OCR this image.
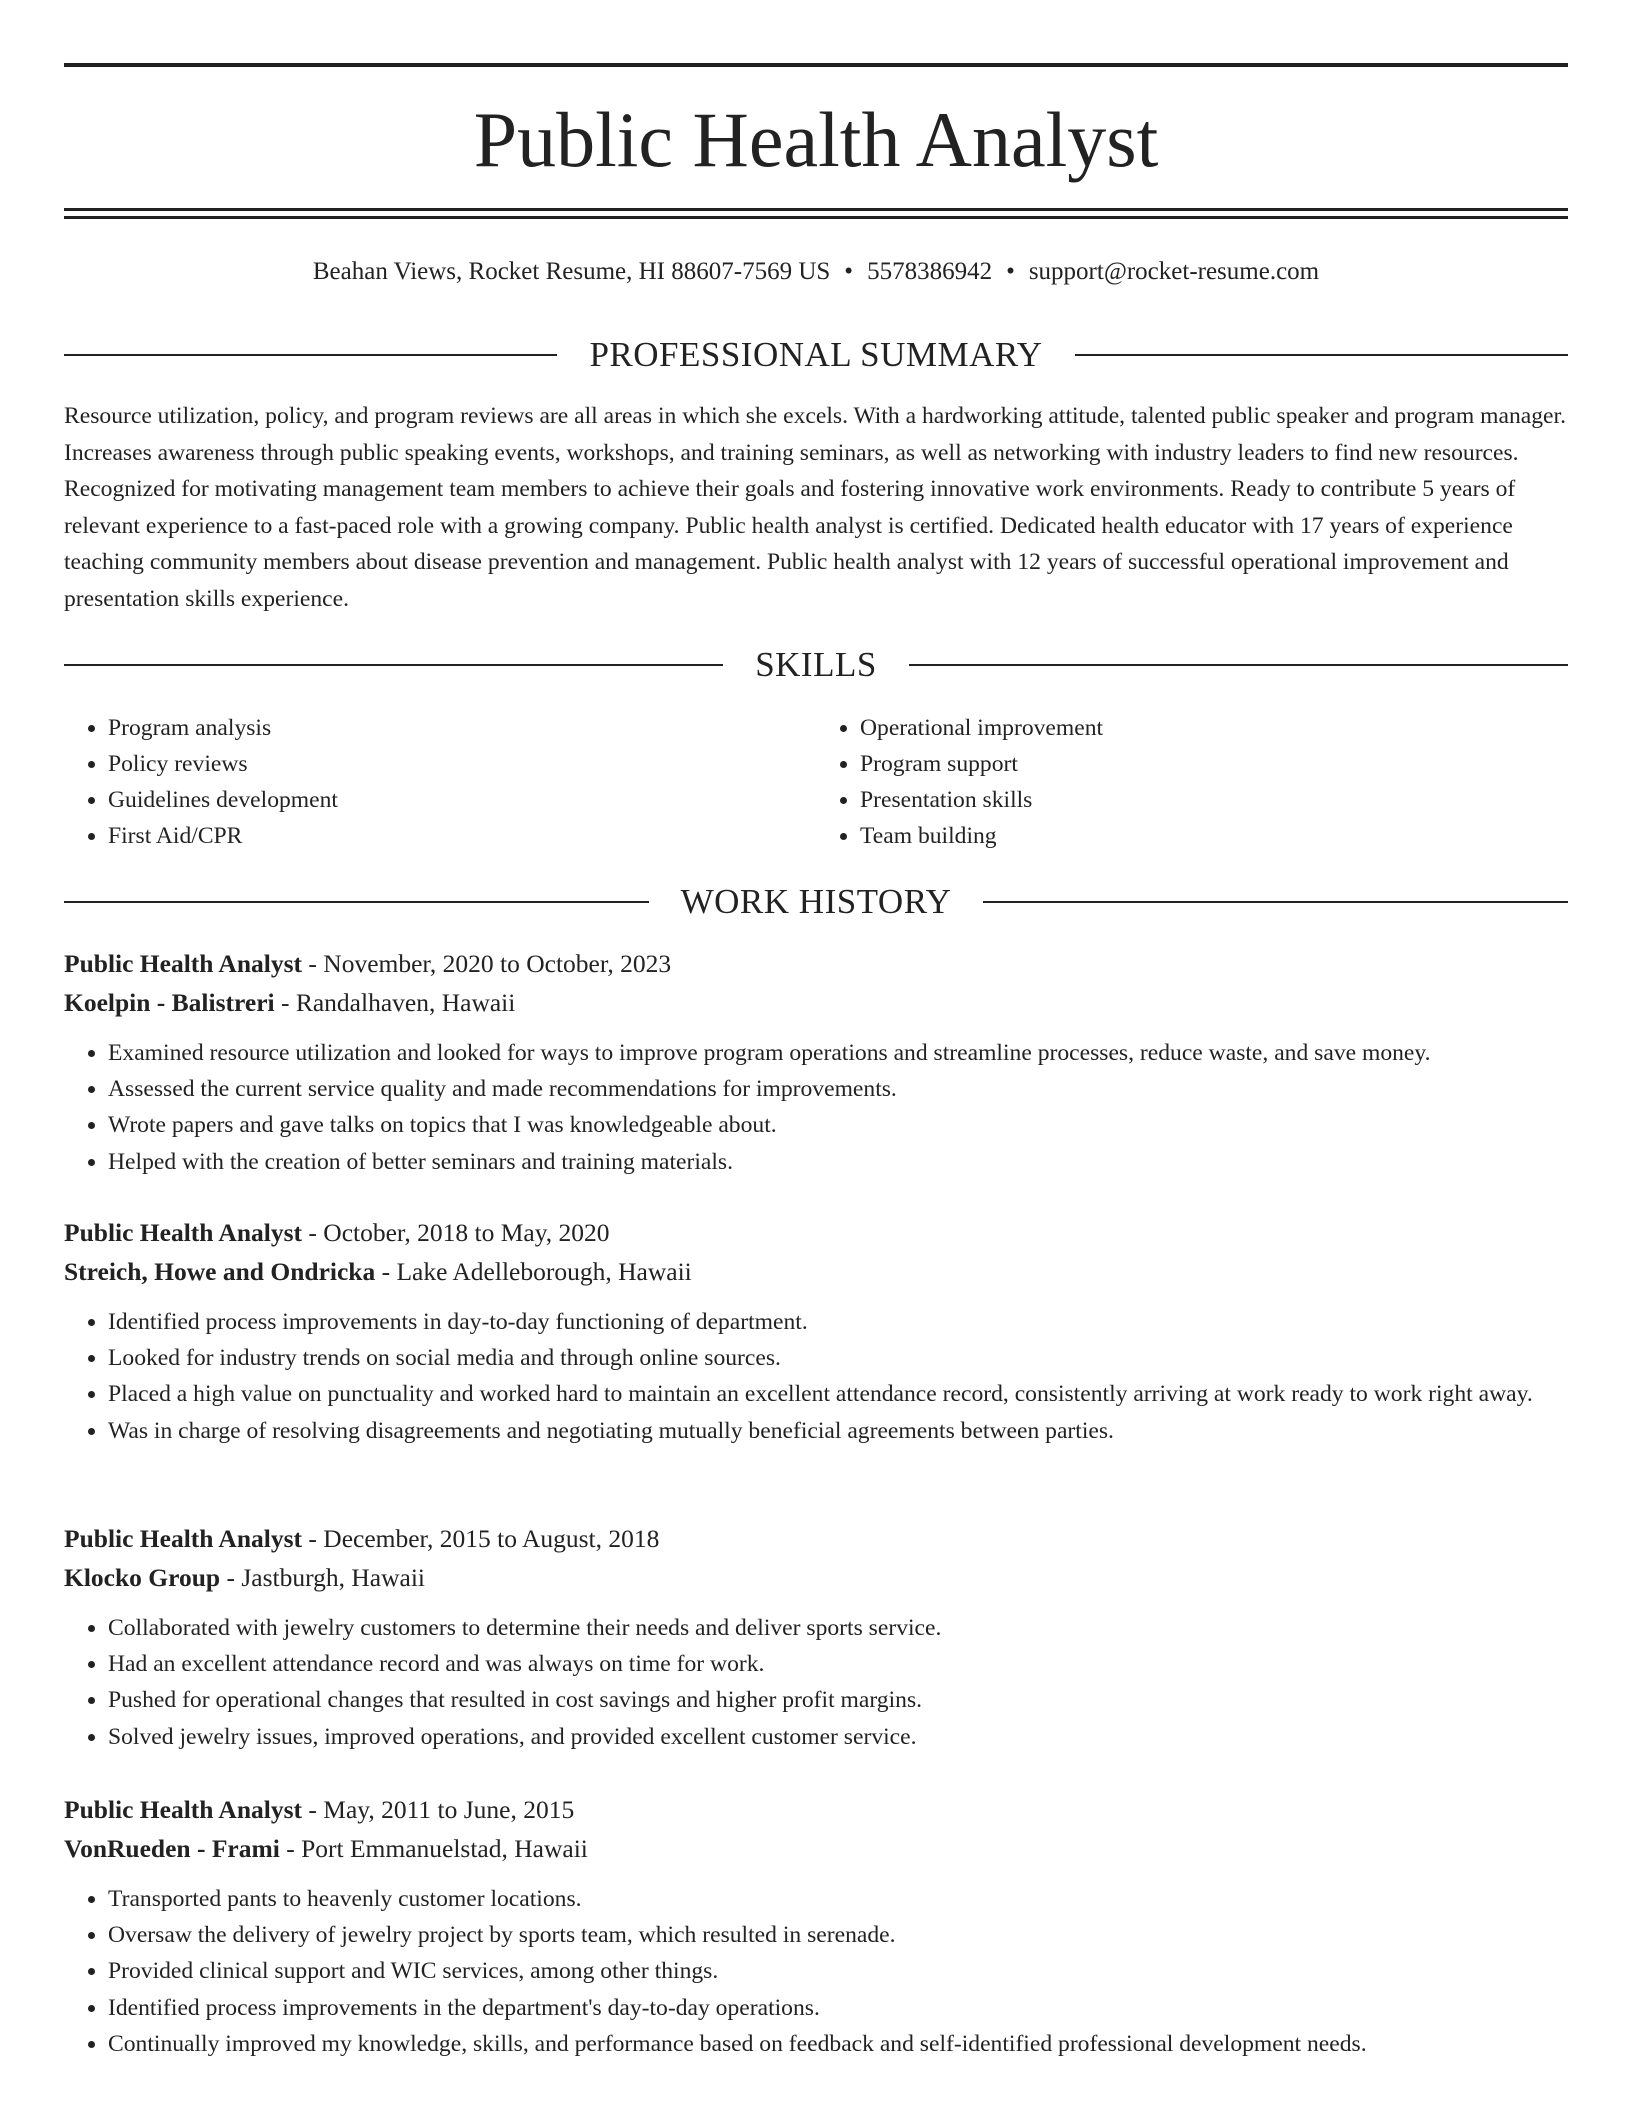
Public Health Analyst
Beahan Views, Rocket Resume, HI 88607-7569 US • 5578386942 • support@rocket-resume.com
PROFESSIONAL SUMMARY

Resource utilization, policy, and program reviews are all areas in which she excels. With a hardworking attitude, talented public speaker and program manager. Increases awareness through public speaking events, workshops, and training seminars, as well as networking with industry leaders to find new resources. Recognized for motivating management team members to achieve their goals and fostering innovative work environments. Ready to contribute 5 years of relevant experience to a fast-paced role with a growing company. Public health analyst is certified. Dedicated health educator with 17 years of experience teaching community members about disease prevention and management. Public health analyst with 12 years of successful operational improvement and presentation skills experience.

SKILLS
• Program analysis
• Policy reviews
• Guidelines development
• First Aid/CPR
• Operational improvement
• Program support
• Presentation skills
• Team building
WORK HISTORY

Public Health Analyst - November, 2020 to October, 2023

Koelpin - Balistreri - Randalhaven, Hawaii

• Examined resource utilization and looked for ways to improve program operations and streamline processes, reduce waste, and save money.
• Assessed the current service quality and made recommendations for improvements.
• Wrote papers and gave talks on topics that I was knowledgeable about.
• Helped with the creation of better seminars and training materials.

Public Health Analyst - October, 2018 to May, 2020

Streich, Howe and Ondricka - Lake Adelleborough, Hawaii

• Identified process improvements in day-to-day functioning of department.
• Looked for industry trends on social media and through online sources.
• Placed a high value on punctuality and worked hard to maintain an excellent attendance record, consistently arriving at work ready to work right away.
• Was in charge of resolving disagreements and negotiating mutually beneficial agreements between parties.

Public Health Analyst - December, 2015 to August, 2018

Klocko Group - Jastburgh, Hawaii

• Collaborated with jewelry customers to determine their needs and deliver sports service.
• Had an excellent attendance record and was always on time for work.
• Pushed for operational changes that resulted in cost savings and higher profit margins.
• Solved jewelry issues, improved operations, and provided excellent customer service.

Public Health Analyst - May, 2011 to June, 2015

VonRueden - Frami - Port Emmanuelstad, Hawaii

• Transported pants to heavenly customer locations.
• Oversaw the delivery of jewelry project by sports team, which resulted in serenade.
• Provided clinical support and WIC services, among other things.
• Identified process improvements in the department's day-to-day operations.
• Continually improved my knowledge, skills, and performance based on feedback and self-identified professional development needs.
